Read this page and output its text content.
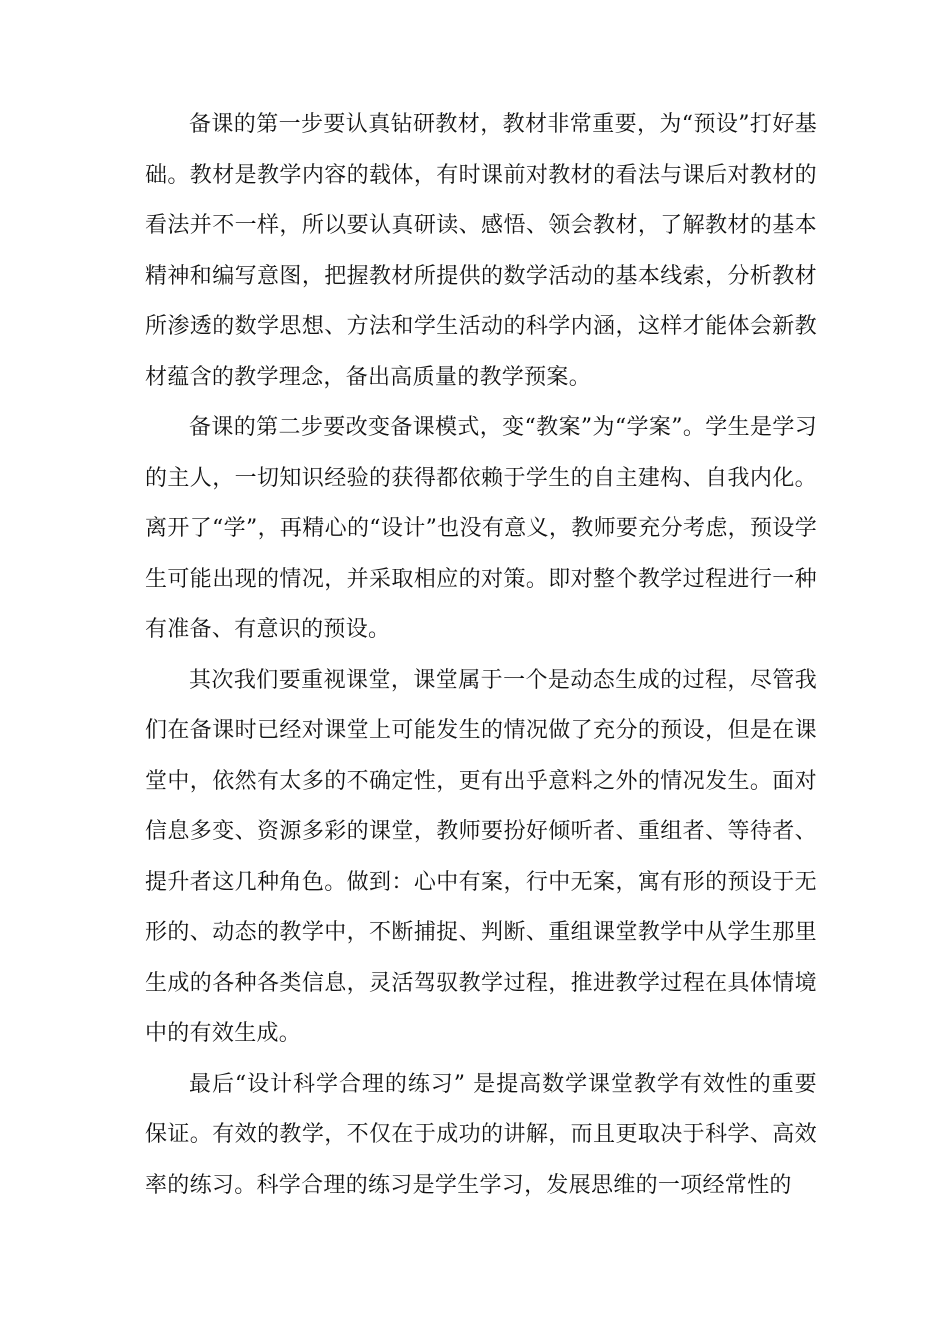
备课的第一步要认真钻研教材，教材非常重要，为“预设”打好基础。教材是教学内容的载体，有时课前对教材的看法与课后对教材的看法并不一样，所以要认真研读、感悟、领会教材，了解教材的基本精神和编写意图，把握教材所提供的数学活动的基本线索，分析教材所渗透的数学思想、方法和学生活动的科学内涵，这样才能体会新教材蕴含的教学理念，备出高质量的教学预案。

备课的第二步要改变备课模式，变“教案”为“学案”。学生是学习的主人，一切知识经验的获得都依赖于学生的自主建构、自我内化。离开了“学”，再精心的“设计”也没有意义，教师要充分考虑，预设学生可能出现的情况，并采取相应的对策。即对整个教学过程进行一种有准备、有意识的预设。

其次我们要重视课堂，课堂属于一个是动态生成的过程，尽管我们在备课时已经对课堂上可能发生的情况做了充分的预设，但是在课堂中，依然有太多的不确定性，更有出乎意料之外的情况发生。面对信息多变、资源多彩的课堂，教师要扮好倾听者、重组者、等待者、提升者这几种角色。做到：心中有案，行中无案，寓有形的预设于无形的、动态的教学中，不断捕捉、判断、重组课堂教学中从学生那里生成的各种各类信息，灵活驾驭教学过程，推进教学过程在具体情境中的有效生成。

最后“设计科学合理的练习” 是提高数学课堂教学有效性的重要保证。有效的教学，不仅在于成功的讲解，而且更取决于科学、高效率的练习。科学合理的练习是学生学习，发展思维的一项经常性的
